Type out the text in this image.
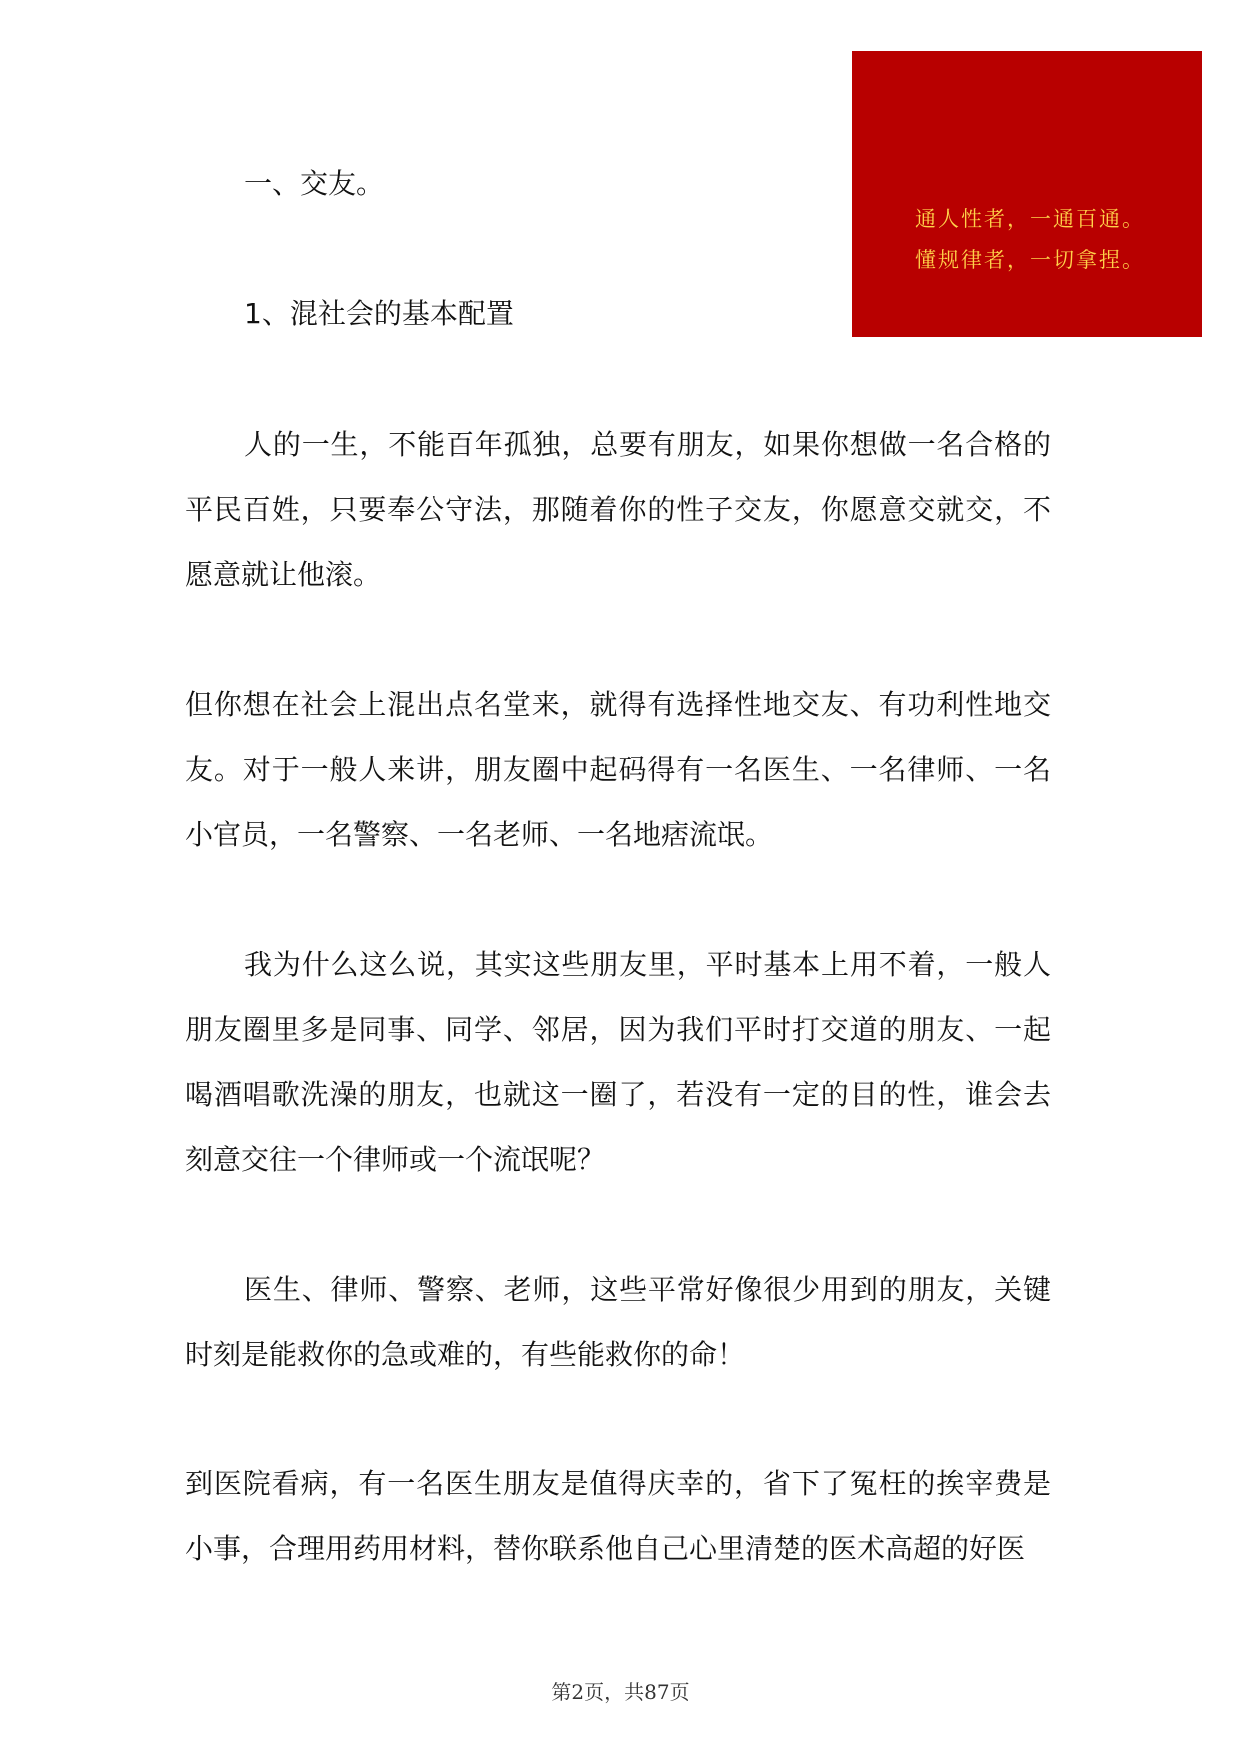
通人性者，一通百通。
懂规律者，一切拿捏。
一、交友。
1、混社会的基本配置
人的一生，不能百年孤独，总要有朋友，如果你想做一名合格的平民百姓，只要奉公守法，那随着你的性子交友，你愿意交就交，不愿意就让他滚。
但你想在社会上混出点名堂来，就得有选择性地交友、有功利性地交友。对于一般人来讲，朋友圈中起码得有一名医生、一名律师、一名小官员，一名警察、一名老师、一名地痞流氓。
我为什么这么说，其实这些朋友里，平时基本上用不着，一般人朋友圈里多是同事、同学、邻居，因为我们平时打交道的朋友、一起喝酒唱歌洗澡的朋友，也就这一圈了，若没有一定的目的性，谁会去刻意交往一个律师或一个流氓呢？
医生、律师、警察、老师，这些平常好像很少用到的朋友，关键时刻是能救你的急或难的，有些能救你的命！
到医院看病，有一名医生朋友是值得庆幸的，省下了冤枉的挨宰费是小事，合理用药用材料，替你联系他自己心里清楚的医术高超的好医
第2页，共87页
